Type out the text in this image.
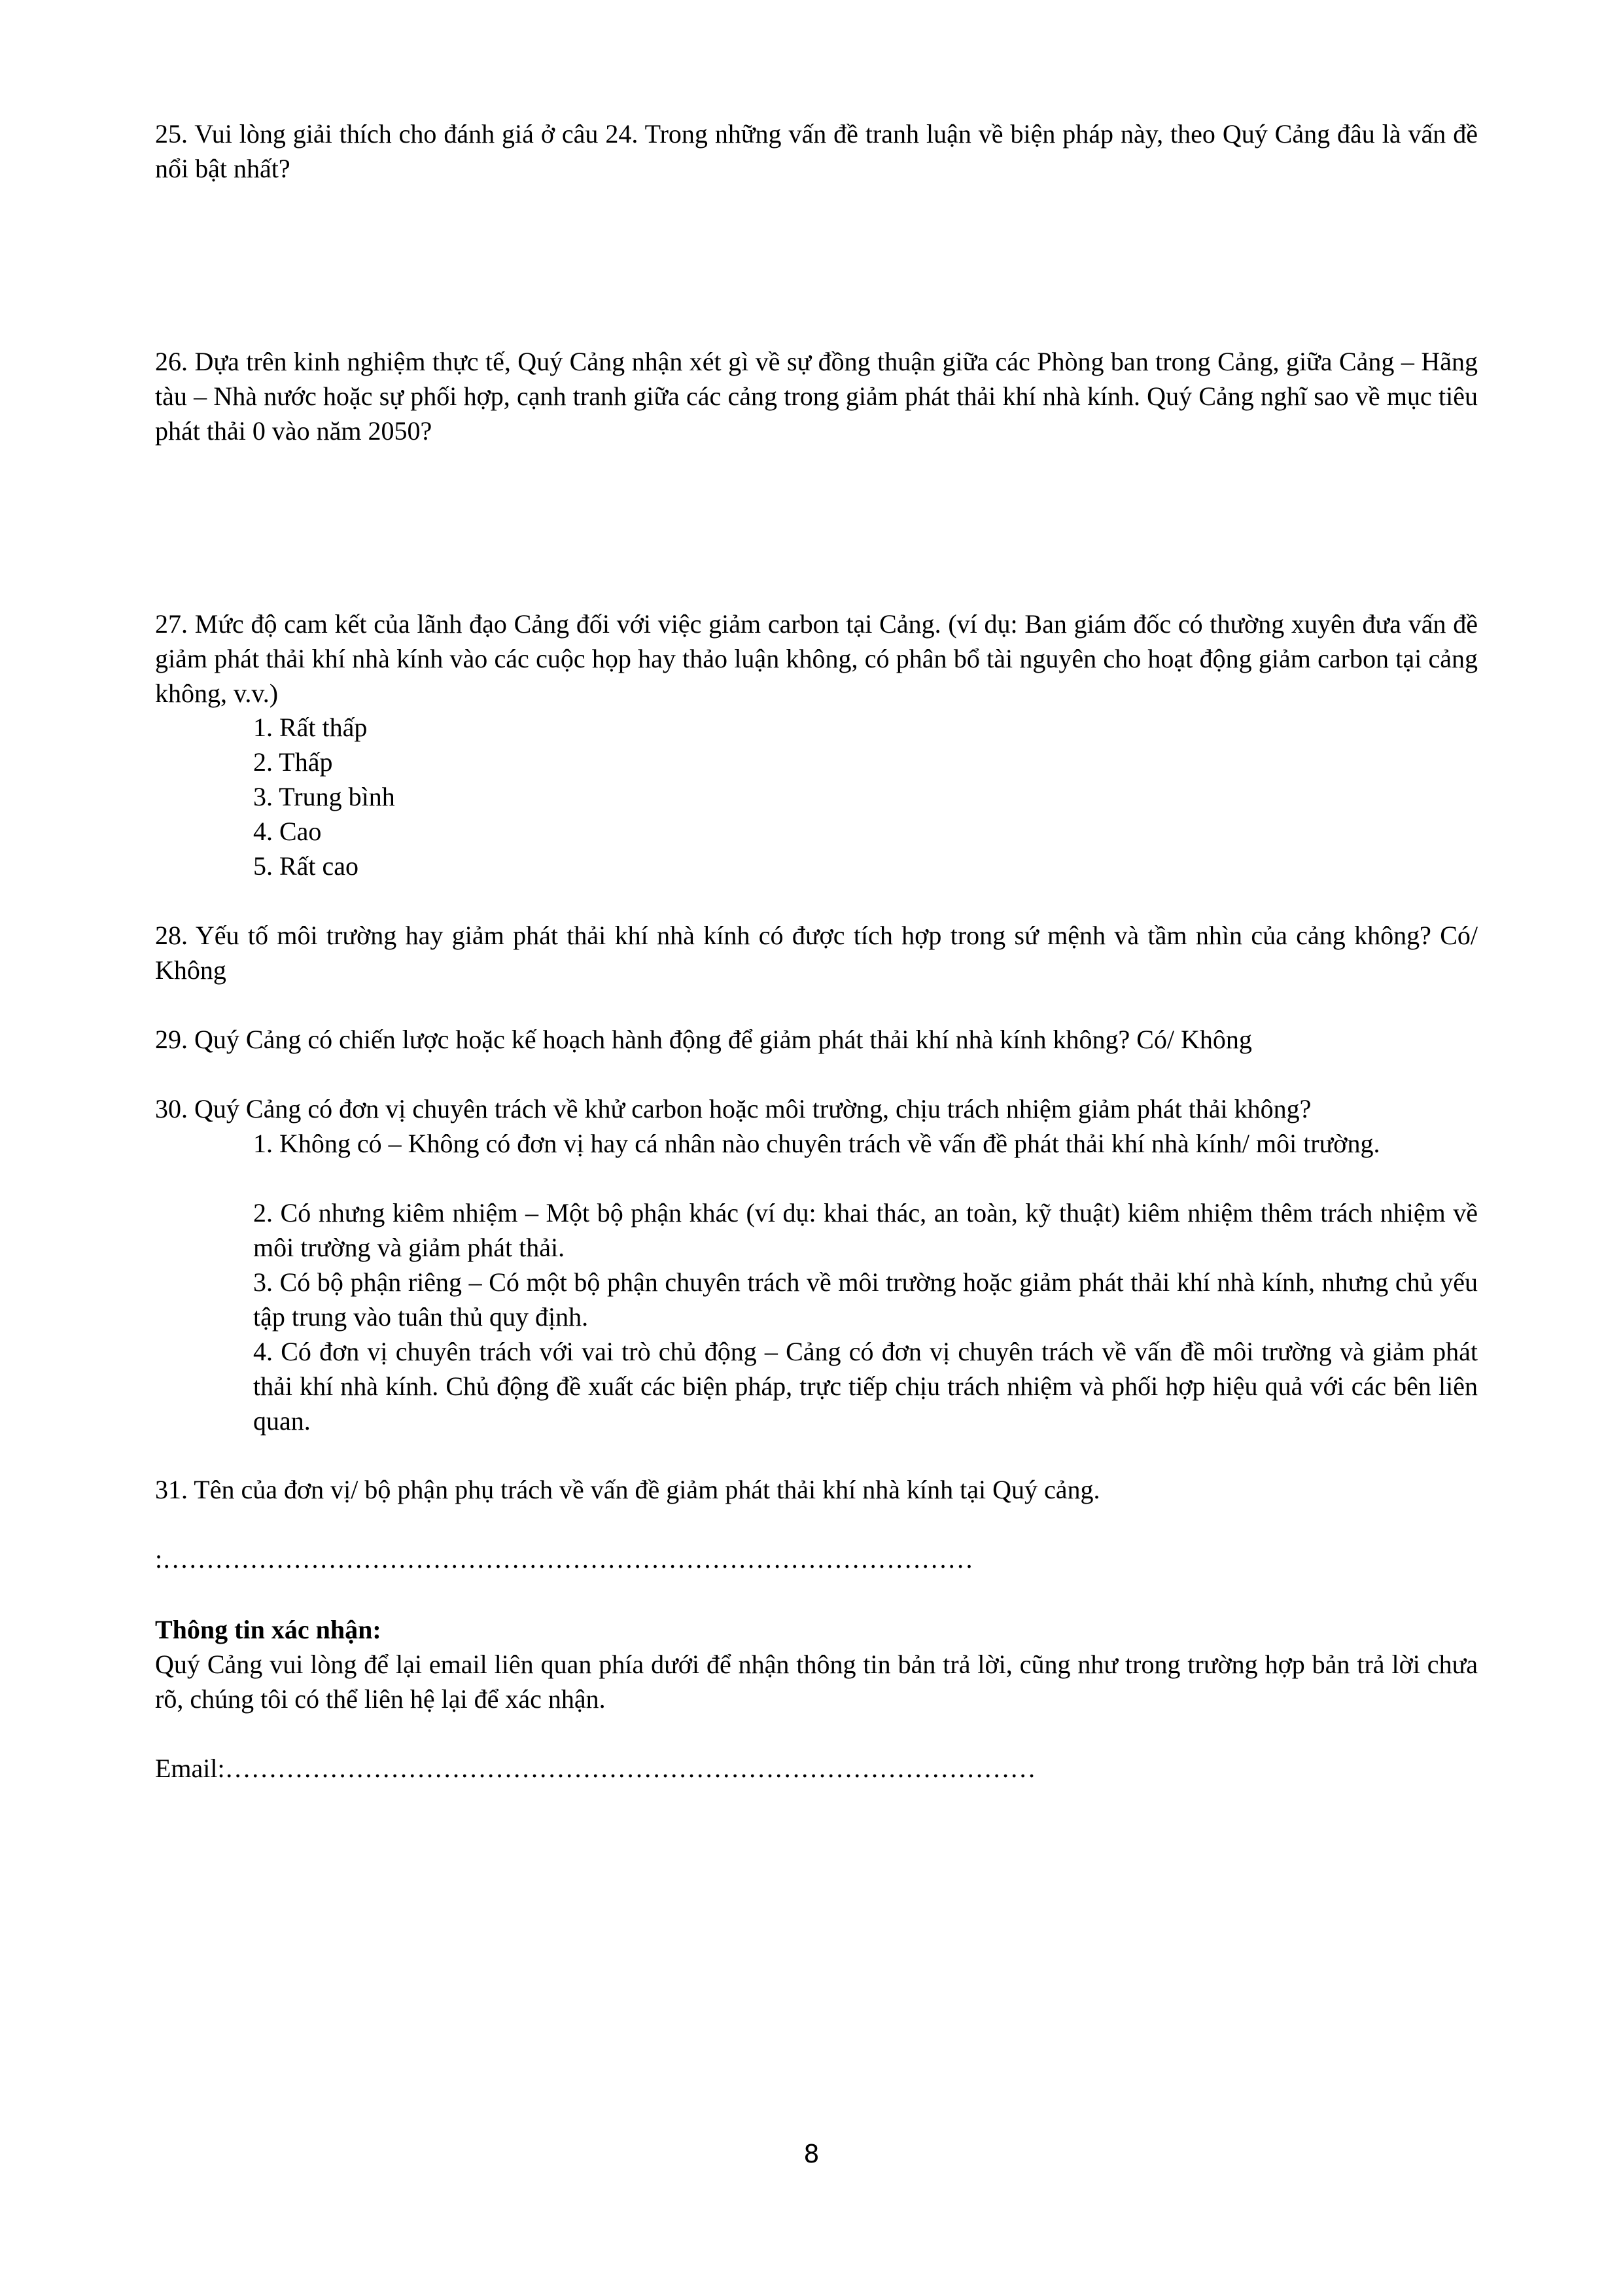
25. Vui lòng giải thích cho đánh giá ở câu 24. Trong những vấn đề tranh luận về biện pháp này, theo Quý Cảng đâu là vấn đề nổi bật nhất?

26. Dựa trên kinh nghiệm thực tế, Quý Cảng nhận xét gì về sự đồng thuận giữa các Phòng ban trong Cảng, giữa Cảng – Hãng tàu – Nhà nước hoặc sự phối hợp, cạnh tranh giữa các cảng trong giảm phát thải khí nhà kính. Quý Cảng nghĩ sao về mục tiêu phát thải 0 vào năm 2050?

27. Mức độ cam kết của lãnh đạo Cảng đối với việc giảm carbon tại Cảng. (ví dụ: Ban giám đốc có thường xuyên đưa vấn đề giảm phát thải khí nhà kính vào các cuộc họp hay thảo luận không, có phân bổ tài nguyên cho hoạt động giảm carbon tại cảng không, v.v.)

1. Rất thấp

2. Thấp

3. Trung bình

4. Cao

5. Rất cao

28. Yếu tố môi trường hay giảm phát thải khí nhà kính có được tích hợp trong sứ mệnh và tầm nhìn của cảng không? Có/ Không

29. Quý Cảng có chiến lược hoặc kế hoạch hành động để giảm phát thải khí nhà kính không? Có/ Không

30. Quý Cảng có đơn vị chuyên trách về khử carbon hoặc môi trường, chịu trách nhiệm giảm phát thải không?

1. Không có – Không có đơn vị hay cá nhân nào chuyên trách về vấn đề phát thải khí nhà kính/ môi trường.

2. Có nhưng kiêm nhiệm – Một bộ phận khác (ví dụ: khai thác, an toàn, kỹ thuật) kiêm nhiệm thêm trách nhiệm về môi trường và giảm phát thải.

3. Có bộ phận riêng – Có một bộ phận chuyên trách về môi trường hoặc giảm phát thải khí nhà kính, nhưng chủ yếu tập trung vào tuân thủ quy định.

4. Có đơn vị chuyên trách với vai trò chủ động – Cảng có đơn vị chuyên trách về vấn đề môi trường và giảm phát thải khí nhà kính. Chủ động đề xuất các biện pháp, trực tiếp chịu trách nhiệm và phối hợp hiệu quả với các bên liên quan.

31. Tên của đơn vị/ bộ phận phụ trách về vấn đề giảm phát thải khí nhà kính tại Quý cảng.

:…………………………………………………………………………………

Thông tin xác nhận:

Quý Cảng vui lòng để lại email liên quan phía dưới để nhận thông tin bản trả lời, cũng như trong trường hợp bản trả lời chưa rõ, chúng tôi có thể liên hệ lại để xác nhận.

Email:…………………………………………………………………………………

8
